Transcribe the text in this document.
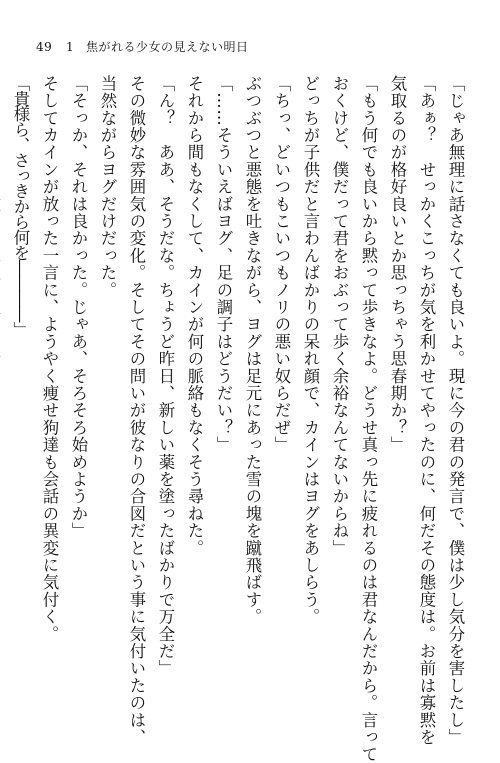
49 1 焦がれる少女の見えない明日

「じゃあ無理に話さなくても良いよ。現に今の君の発言で、僕は少し気分を害したし」

「あぁ？　せっかくこっちが気を利かせてやったのに、何だその態度は。お前は寡黙を

気取るのが格好良いとか思っちゃう思春期か？」

「もう何でも良いから黙って歩きなよ。どうせ真っ先に疲れるのは君なんだから。言って

おくけど、僕だって君をおぶって歩く余裕なんてないからね」

どっちが子供だと言わんばかりの呆れ顔で、カインはヨグをあしらう。

「ちっ、どいつもこいつもノリの悪い奴らだぜ」

ぶつぶつと悪態を吐きながら、ヨグは足元にあった雪の塊を蹴飛ばす。

「……そういえばヨグ、足の調子はどうだい？」

それから間もなくして、カインが何の脈絡もなくそう尋ねた。

「ん？　ああ、そうだな。ちょうど昨日、新しい薬を塗ったばかりで万全だ」

その微妙な雰囲気の変化。そしてその問いが彼なりの合図だという事に気付いたのは、

当然ながらヨグだけだった。

「そっか、それは良かった。じゃあ、そろそろ始めようか」

そしてカインが放った一言に、ようやく痩せ狗達も会話の異変に気付く。

「貴様ら、さっきから何を――――」
